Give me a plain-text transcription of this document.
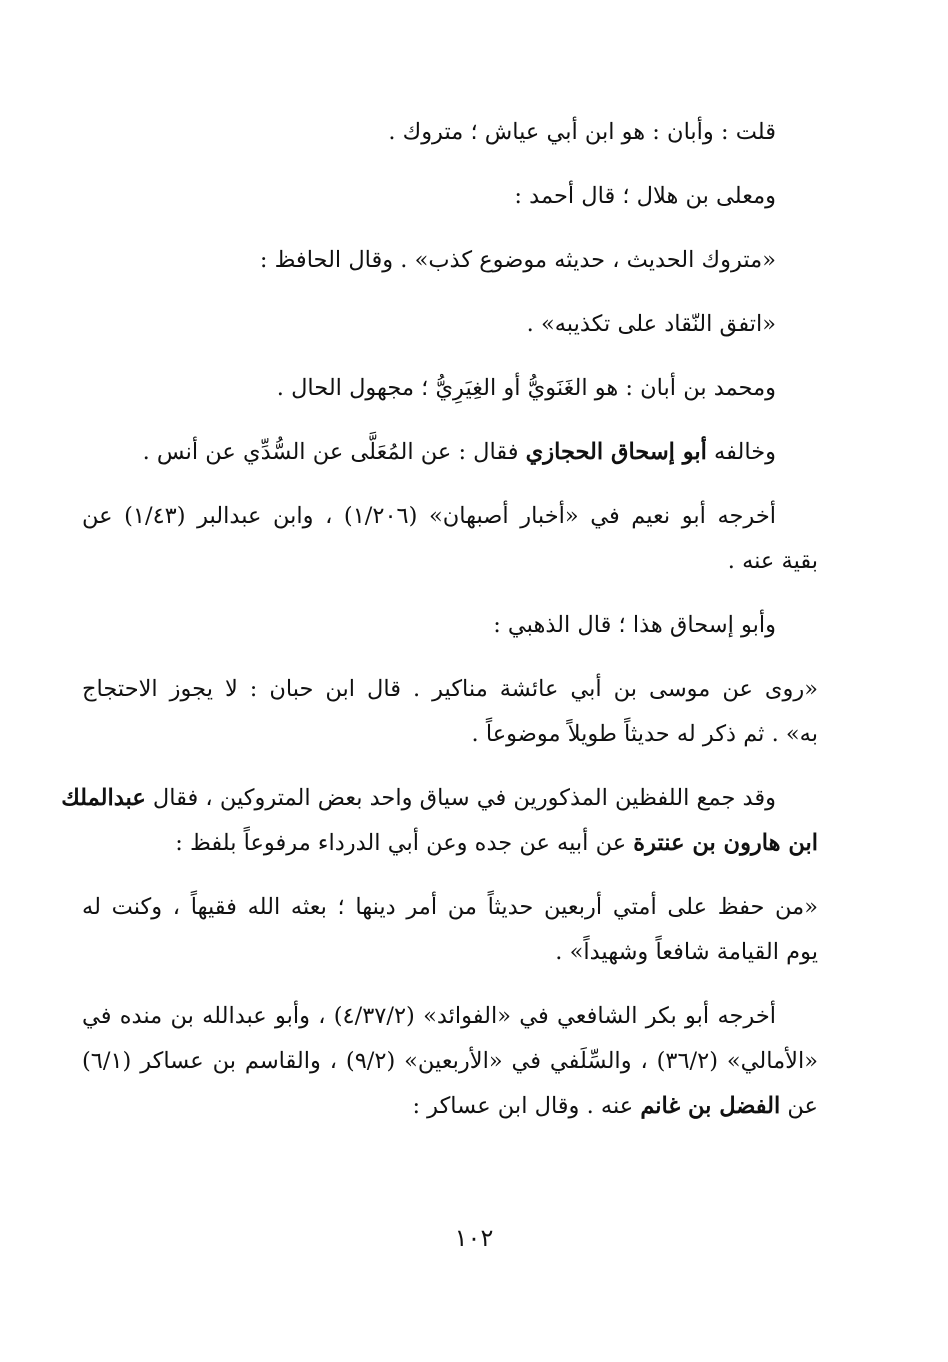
قلت : وأبان : هو ابن أبي عياش ؛ متروك .
ومعلى بن هلال ؛ قال أحمد :
«متروك الحديث ، حديثه موضوع كذب» . وقال الحافظ :
«اتفق النّقاد على تكذيبه» .
ومحمد بن أبان : هو الغَنَويُّ أو الغِيَرِيُّ ؛ مجهول الحال .
وخالفه أبو إسحاق الحجازي فقال : عن المُعَلَّى عن السُّدِّي عن أنس .
أخرجه أبو نعيم في «أخبار أصبهان» (١/٢٠٦) ، وابن عبدالبر (١/٤٣) عن
بقية عنه .
وأبو إسحاق هذا ؛ قال الذهبي :
«روى عن موسى بن أبي عائشة مناكير . قال ابن حبان : لا يجوز الاحتجاج
به» . ثم ذكر له حديثاً طويلاً موضوعاً .
وقد جمع اللفظين المذكورين في سياق واحد بعض المتروكين ، فقال عبدالملك
ابن هارون بن عنترة عن أبيه عن جده وعن أبي الدرداء مرفوعاً بلفظ :
«من حفظ على أمتي أربعين حديثاً من أمر دينها ؛ بعثه الله فقيهاً ، وكنت له
يوم القيامة شافعاً وشهيداً» .
أخرجه أبو بكر الشافعي في «الفوائد» (٤/٣٧/٢) ، وأبو عبدالله بن منده في
«الأمالي» (٣٦/٢) ، والسِّلَفي في «الأربعين» (٩/٢) ، والقاسم بن عساكر (٦/١)
عن الفضل بن غانم عنه . وقال ابن عساكر :
١٠٢
